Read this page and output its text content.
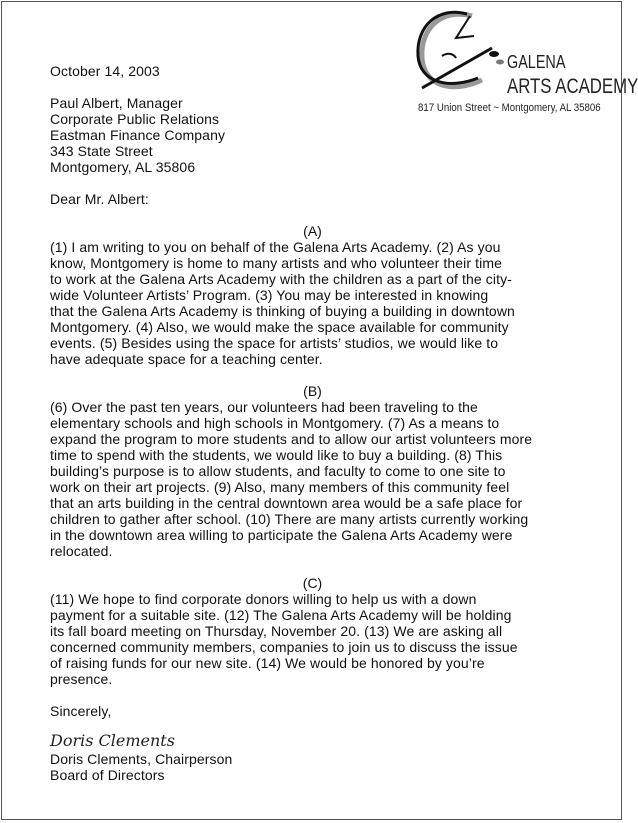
GALENA
ARTS ACADEMY
817 Union Street ~ Montgomery, AL 35806
October 14, 2003
Paul Albert, Manager
Corporate Public Relations
Eastman Finance Company
343 State Street
Montgomery, AL 35806
Dear Mr. Albert:
(A)
(1) I am writing to you on behalf of the Galena Arts Academy. (2) As you
know, Montgomery is home to many artists and who volunteer their time
to work at the Galena Arts Academy with the children as a part of the city-
wide Volunteer Artists’ Program. (3) You may be interested in knowing
that the Galena Arts Academy is thinking of buying a building in downtown
Montgomery. (4) Also, we would make the space available for community
events. (5) Besides using the space for artists’ studios, we would like to
have adequate space for a teaching center.
(B)
(6) Over the past ten years, our volunteers had been traveling to the
elementary schools and high schools in Montgomery. (7) As a means to
expand the program to more students and to allow our artist volunteers more
time to spend with the students, we would like to buy a building. (8) This
building’s purpose is to allow students, and faculty to come to one site to
work on their art projects. (9) Also, many members of this community feel
that an arts building in the central downtown area would be a safe place for
children to gather after school. (10) There are many artists currently working
in the downtown area willing to participate the Galena Arts Academy were
relocated.
(C)
(11) We hope to find corporate donors willing to help us with a down
payment for a suitable site. (12) The Galena Arts Academy will be holding
its fall board meeting on Thursday, November 20. (13) We are asking all
concerned community members, companies to join us to discuss the issue
of raising funds for our new site. (14) We would be honored by you’re
presence.
Sincerely,
Doris Clements
Doris Clements, Chairperson
Board of Directors
